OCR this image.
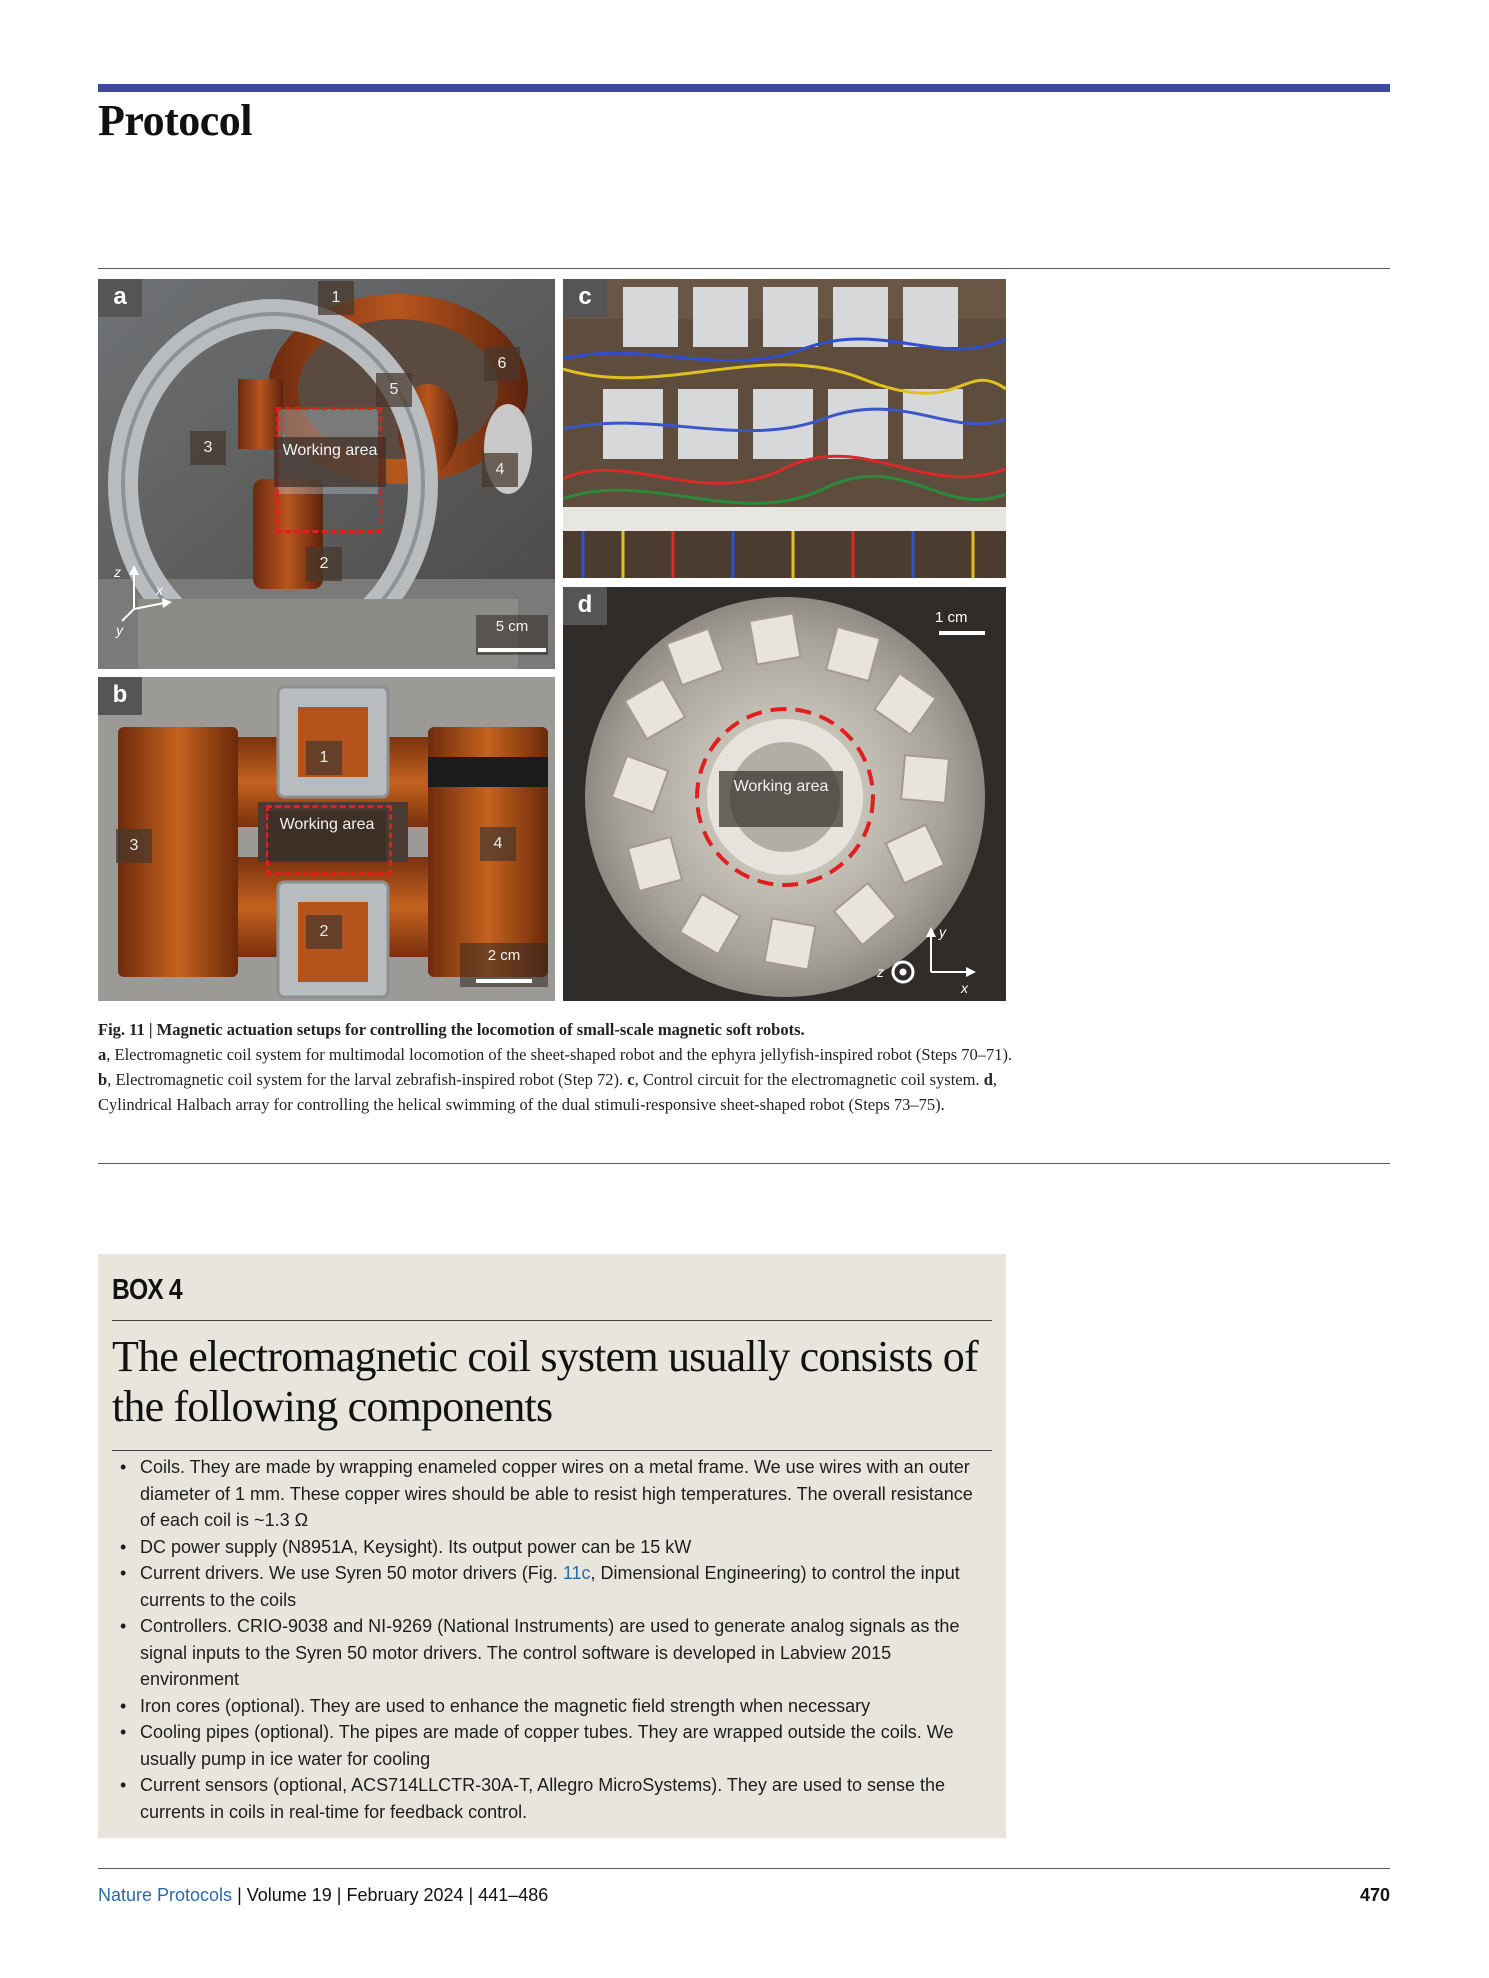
Protocol
a	1
6
5
3
4
2
Working area
z
x
y	5 cm
b
1
3	4
2
Working area
2 cm
c
d
Working area
1 cm
y
z
x
Fig. 11 | Magnetic actuation setups for controlling the locomotion of small-scale magnetic soft robots.
a, Electromagnetic coil system for multimodal locomotion of the sheet-shaped robot and the ephyra jellyfish-inspired robot (Steps 70–71). b, Electromagnetic coil system for the larval zebrafish-inspired robot (Step 72). c, Control circuit for the electromagnetic coil system. d, Cylindrical Halbach array for controlling the helical swimming of the dual stimuli-responsive sheet-shaped robot (Steps 73–75).
BOX 4
The electromagnetic coil system usually consists of the following components
• Coils. They are made by wrapping enameled copper wires on a metal frame. We use wires with an outer diameter of 1 mm. These copper wires should be able to resist high temperatures. The overall resistance of each coil is ~1.3 Ω
• DC power supply (N8951A, Keysight). Its output power can be 15 kW
• Current drivers. We use Syren 50 motor drivers (Fig. 11c, Dimensional Engineering) to control the input currents to the coils
• Controllers. CRIO-9038 and NI-9269 (National Instruments) are used to generate analog signals as the signal inputs to the Syren 50 motor drivers. The control software is developed in Labview 2015 environment
• Iron cores (optional). They are used to enhance the magnetic field strength when necessary
• Cooling pipes (optional). The pipes are made of copper tubes. They are wrapped outside the coils. We usually pump in ice water for cooling
• Current sensors (optional, ACS714LLCTR-30A-T, Allegro MicroSystems). They are used to sense the currents in coils in real-time for feedback control.
Nature Protocols | Volume 19 | February 2024 | 441–486	470
